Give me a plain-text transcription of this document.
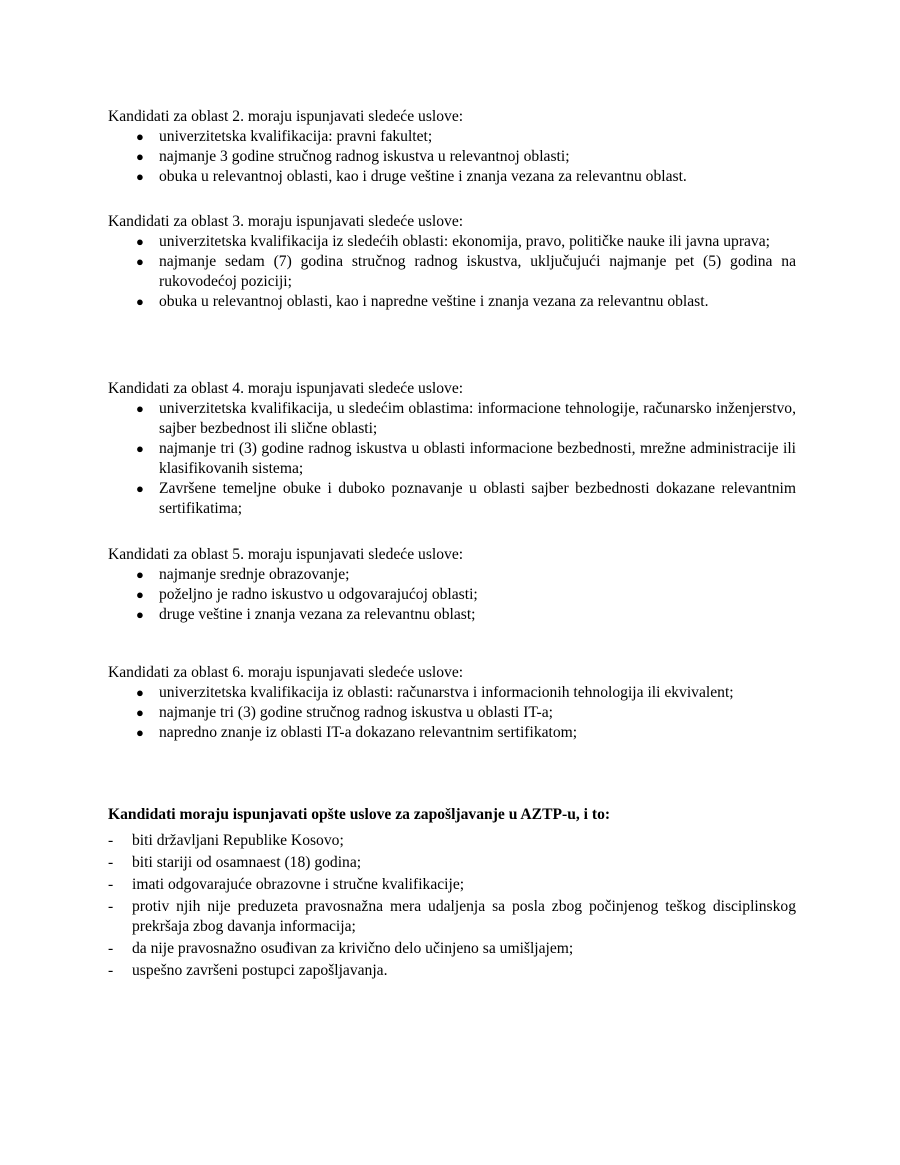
Kandidati za oblast 2. moraju ispunjavati sledeće uslove:

● univerzitetska kvalifikacija: pravni fakultet;
● najmanje 3 godine stručnog radnog iskustva u relevantnoj oblasti;
● obuka u relevantnoj oblasti, kao i druge veštine i znanja vezana za relevantnu oblast.

Kandidati za oblast 3. moraju ispunjavati sledeće uslove:

● univerzitetska kvalifikacija iz sledećih oblasti: ekonomija, pravo, političke nauke ili javna uprava;
● najmanje sedam (7) godina stručnog radnog iskustva, uključujući najmanje pet (5) godina na rukovodećoj poziciji;
● obuka u relevantnoj oblasti, kao i napredne veštine i znanja vezana za relevantnu oblast.

Kandidati za oblast 4. moraju ispunjavati sledeće uslove:

● univerzitetska kvalifikacija, u sledećim oblastima: informacione tehnologije, računarsko inženjerstvo, sajber bezbednost ili slične oblasti;
● najmanje tri (3) godine radnog iskustva u oblasti informacione bezbednosti, mrežne administracije ili klasifikovanih sistema;
● Završene temeljne obuke i duboko poznavanje u oblasti sajber bezbednosti dokazane relevantnim sertifikatima;

Kandidati za oblast 5. moraju ispunjavati sledeće uslove:

● najmanje srednje obrazovanje;
● poželjno je radno iskustvo u odgovarajućoj oblasti;
● druge veštine i znanja vezana za relevantnu oblast;

Kandidati za oblast 6. moraju ispunjavati sledeće uslove:

● univerzitetska kvalifikacija iz oblasti: računarstva i informacionih tehnologija ili ekvivalent;
● najmanje tri (3) godine stručnog radnog iskustva u oblasti IT-a;
● napredno znanje iz oblasti IT-a dokazano relevantnim sertifikatom;

Kandidati moraju ispunjavati opšte uslove za zapošljavanje u AZTP-u, i to:

- biti državljani Republike Kosovo;
- biti stariji od osamnaest (18) godina;
- imati odgovarajuće obrazovne i stručne kvalifikacije;
- protiv njih nije preduzeta pravosnažna mera udaljenja sa posla zbog počinjenog teškog disciplinskog prekršaja zbog davanja informacija;
- da nije pravosnažno osuđivan za krivično delo učinjeno sa umišljajem;
- uspešno završeni postupci zapošljavanja.
